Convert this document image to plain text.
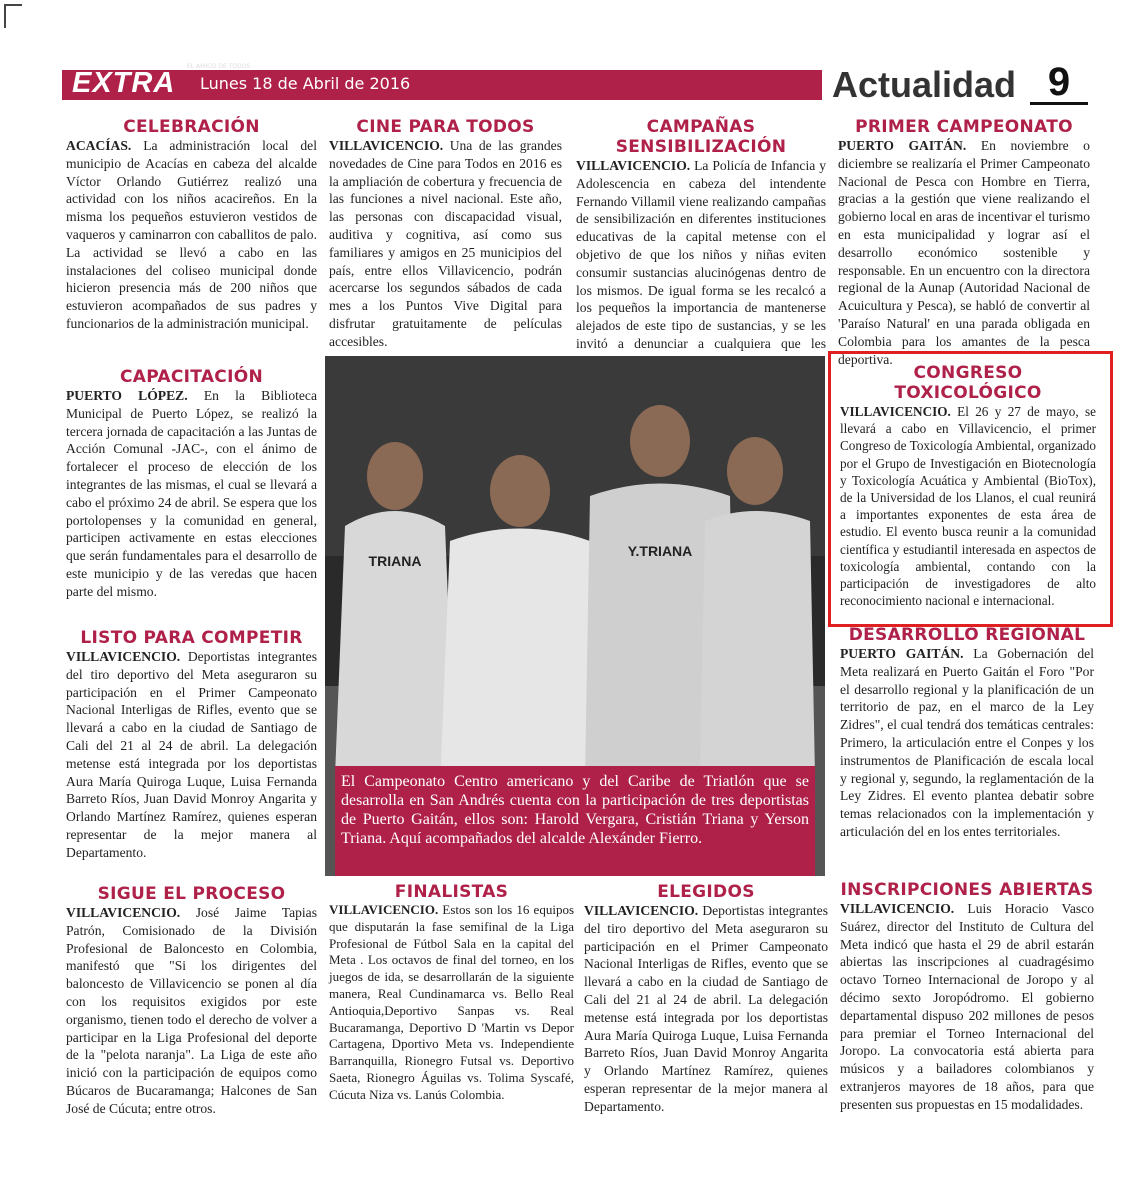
EXTRA
EL AMIGO DE TODOS
Lunes 18 de Abril de 2016	Actualidad 9
CELEBRACIÓN

ACACÍAS. La administración local del municipio de Acacías en cabeza del alcalde Víctor Orlando Gutiérrez realizó una actividad con los niños acacireños. En la misma los pequeños estuvieron vestidos de vaqueros y caminarron con caballitos de palo. La actividad se llevó a cabo en las instalaciones del coliseo municipal donde hicieron presencia más de 200 niños que estuvieron acompañados de sus padres y funcionarios de la administración municipal.

CAPACITACIÓN

PUERTO LÓPEZ. En la Biblioteca Municipal de Puerto López, se realizó la tercera jornada de capacitación a las Juntas de Acción Comunal -JAC-, con el ánimo de fortalecer el proceso de elección de los integrantes de las mismas, el cual se llevará a cabo el próximo 24 de abril. Se espera que los portolopenses y la comunidad en general, participen activamente en estas elecciones que serán fundamentales para el desarrollo de este municipio y de las veredas que hacen parte del mismo.

LISTO PARA COMPETIR

VILLAVICENCIO. Deportistas integrantes del tiro deportivo del Meta aseguraron su participación en el Primer Campeonato Nacional Interligas de Rifles, evento que se llevará a cabo en la ciudad de Santiago de Cali del 21 al 24 de abril. La delegación metense está integrada por los deportistas Aura María Quiroga Luque, Luisa Fernanda Barreto Ríos, Juan David Monroy Angarita y Orlando Martínez Ramírez, quienes esperan representar de la mejor manera al Departamento.

SIGUE EL PROCESO

VILLAVICENCIO. José Jaime Tapias Patrón, Comisionado de la División Profesional de Baloncesto en Colombia, manifestó que "Si los dirigentes del baloncesto de Villavicencio se ponen al día con los requisitos exigidos por este organismo, tienen todo el derecho de volver a participar en la Liga Profesional del deporte de la "pelota naranja". La Liga de este año inició con la participación de equipos como Búcaros de Bucaramanga; Halcones de San José de Cúcuta; entre otros.

CINE PARA TODOS

VILLAVICENCIO. Una de las grandes novedades de Cine para Todos en 2016 es la ampliación de cobertura y frecuencia de las funciones a nivel nacional. Este año, las personas con discapacidad visual, auditiva y cognitiva, así como sus familiares y amigos en 25 municipios del país, entre ellos Villavicencio, podrán acercarse los segundos sábados de cada mes a los Puntos Vive Digital para disfrutar gratuitamente de películas accesibles.

FINALISTAS

VILLAVICENCIO. Estos son los 16 equipos que disputarán la fase semifinal de la Liga Profesional de Fútbol Sala en la capital del Meta . Los octavos de final del torneo, en los juegos de ida, se desarrollarán de la siguiente manera, Real Cundinamarca vs. Bello Real Antioquia,Deportivo Sanpas vs. Real Bucaramanga, Deportivo D 'Martin vs Depor Cartagena, Dportivo Meta vs. Independiente Barranquilla, Rionegro Futsal vs. Deportivo Saeta, Rionegro Águilas vs. Tolima Syscafé, Cúcuta Niza vs. Lanús Colombia.

CAMPAÑAS SENSIBILIZACIÓN

VILLAVICENCIO. La Policía de Infancia y Adolescencia en cabeza del intendente Fernando Villamil viene realizando campañas de sensibilización en diferentes instituciones educativas de la capital metense con el objetivo de que los niños y niñas eviten consumir sustancias alucinógenas dentro de los mismos. De igual forma se les recalcó a los pequeños la importancia de mantenerse alejados de este tipo de sustancias, y se les invitó a denunciar a cualquiera que les

ELEGIDOS

VILLAVICENCIO. Deportistas integrantes del tiro deportivo del Meta aseguraron su participación en el Primer Campeonato Nacional Interligas de Rifles, evento que se llevará a cabo en la ciudad de Santiago de Cali del 21 al 24 de abril. La delegación metense está integrada por los deportistas Aura María Quiroga Luque, Luisa Fernanda Barreto Ríos, Juan David Monroy Angarita y Orlando Martínez Ramírez, quienes esperan representar de la mejor manera al Departamento.

PRIMER CAMPEONATO

PUERTO GAITÁN. En noviembre o diciembre se realizaría el Primer Campeonato Nacional de Pesca con Hombre en Tierra, gracias a la gestión que viene realizando el gobierno local en aras de incentivar el turismo en esta municipalidad y lograr así el desarrollo económico sostenible y responsable. En un encuentro con la directora regional de la Aunap (Autoridad Nacional de Acuicultura y Pesca), se habló de convertir al 'Paraíso Natural' en una parada obligada en Colombia para los amantes de la pesca deportiva.

CONGRESO TOXICOLÓGICO

VILLAVICENCIO. El 26 y 27 de mayo, se llevará a cabo en Villavicencio, el primer Congreso de Toxicología Ambiental, organizado por el Grupo de Investigación en Biotecnología y Toxicología Acuática y Ambiental (BioTox), de la Universidad de los Llanos, el cual reunirá a importantes exponentes de esta área de estudio. El evento busca reunir a la comunidad científica y estudiantil interesada en aspectos de toxicología ambiental, contando con la participación de investigadores de alto reconocimiento nacional e internacional.

DESARROLLO REGIONAL

PUERTO GAITÁN. La Gobernación del Meta realizará en Puerto Gaitán el Foro "Por el desarrollo regional y la planificación de un territorio de paz, en el marco de la Ley Zidres", el cual tendrá dos temáticas centrales: Primero, la articulación entre el Conpes y los instrumentos de Planificación de escala local y regional y, segundo, la reglamentación de la Ley Zidres. El evento plantea debatir sobre temas relacionados con la implementación y articulación del en los entes territoriales.

INSCRIPCIONES ABIERTAS

VILLAVICENCIO. Luis Horacio Vasco Suárez, director del Instituto de Cultura del Meta indicó que hasta el 29 de abril estarán abiertas las inscripciones al cuadragésimo octavo Torneo Internacional de Joropo y al décimo sexto Joropódromo. El gobierno departamental dispuso 202 millones de pesos para premiar el Torneo Internacional del Joropo. La convocatoria está abierta para músicos y a bailadores colombianos y extranjeros mayores de 18 años, para que presenten sus propuestas en 15 modalidades.

TRIANA
Y.TRIANA
El Campeonato Centro americano y del Caribe de Triatlón que se desarrolla en San Andrés cuenta con la participación de tres deportistas de Puerto Gaitán, ellos son: Harold Vergara, Cristián Triana y Yerson Triana. Aquí acompañados del alcalde Alexánder Fierro.
